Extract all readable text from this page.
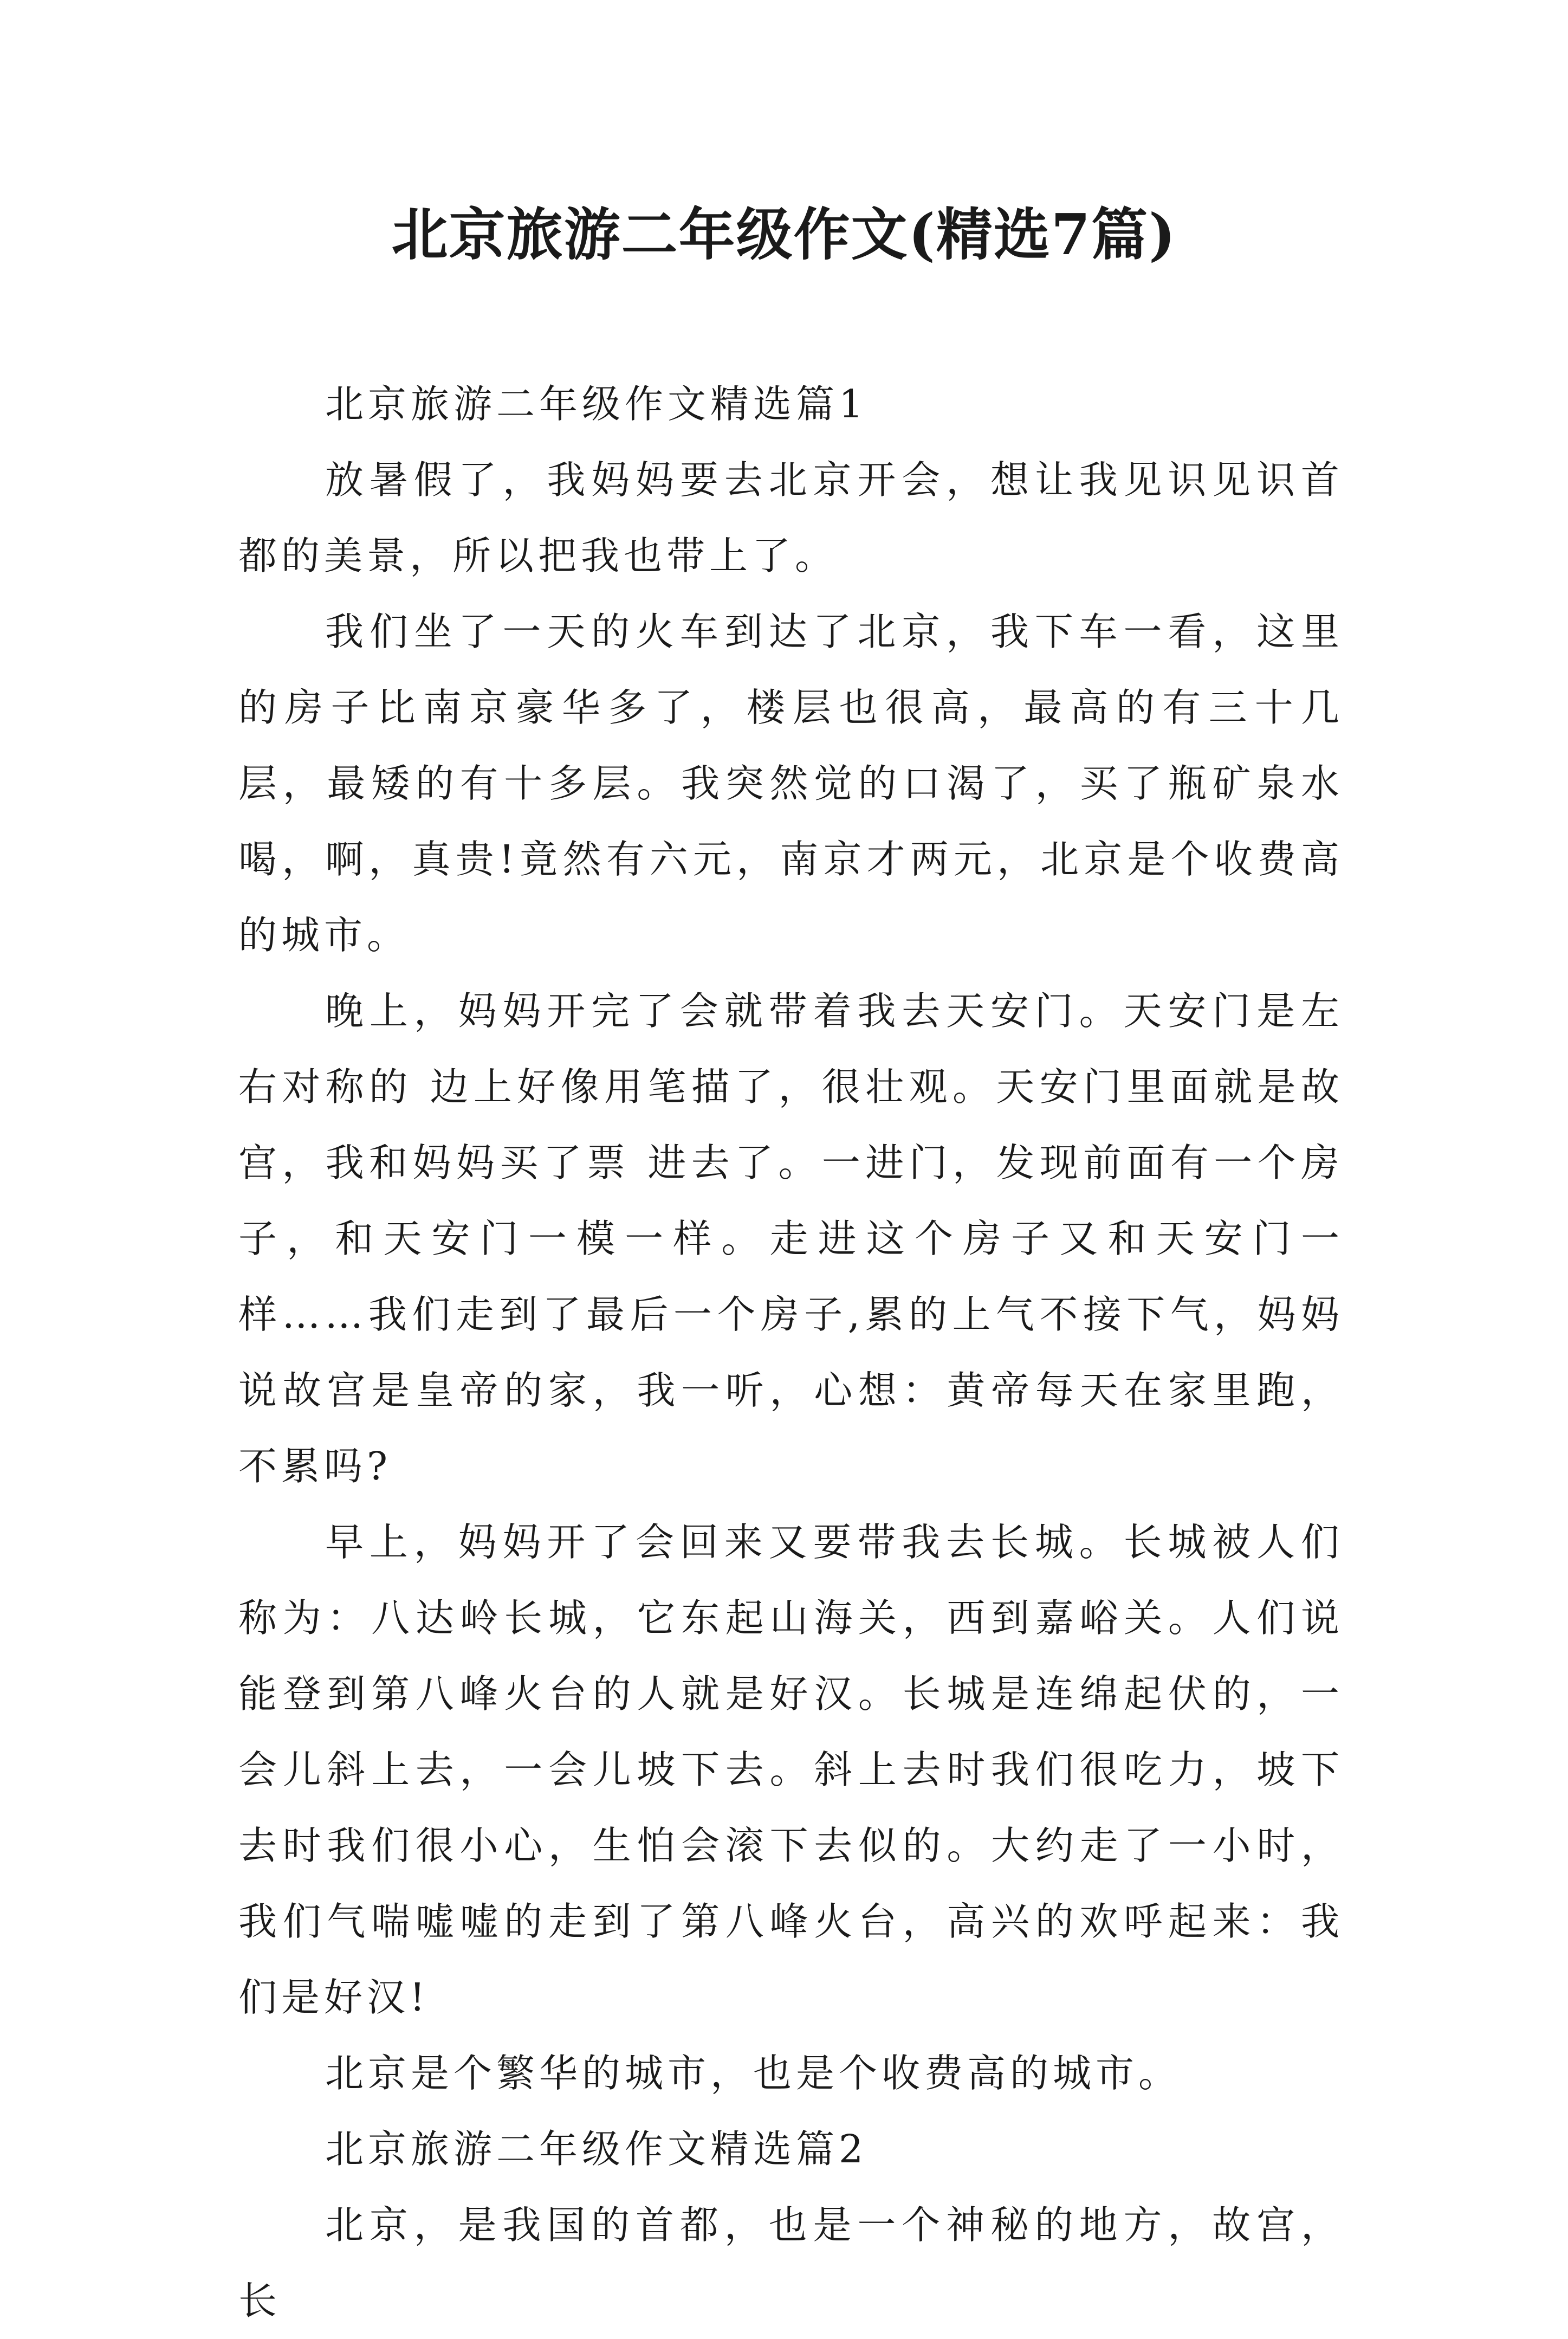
北京旅游二年级作文(精选7篇)

北京旅游二年级作文精选篇1

放暑假了，我妈妈要去北京开会，想让我见识见识首都的美景，所以把我也带上了。

我们坐了一天的火车到达了北京，我下车一看，这里的房子比南京豪华多了，楼层也很高，最高的有三十几层，最矮的有十多层。我突然觉的口渴了，买了瓶矿泉水喝，啊，真贵!竟然有六元，南京才两元，北京是个收费高的城市。

晚上，妈妈开完了会就带着我去天安门。天安门是左右对称的 边上好像用笔描了，很壮观。天安门里面就是故宫，我和妈妈买了票 进去了。一进门，发现前面有一个房子，和天安门一模一样。走进这个房子又和天安门一样……我们走到了最后一个房子,累的上气不接下气，妈妈说故宫是皇帝的家，我一听，心想：黄帝每天在家里跑，不累吗?

早上，妈妈开了会回来又要带我去长城。长城被人们称为：八达岭长城，它东起山海关，西到嘉峪关。人们说能登到第八峰火台的人就是好汉。长城是连绵起伏的，一会儿斜上去，一会儿坡下去。斜上去时我们很吃力，坡下去时我们很小心，生怕会滚下去似的。大约走了一小时，我们气喘嘘嘘的走到了第八峰火台，高兴的欢呼起来：我们是好汉!

北京是个繁华的城市，也是个收费高的城市。

北京旅游二年级作文精选篇2

北京，是我国的首都，也是一个神秘的地方，故宫，长
